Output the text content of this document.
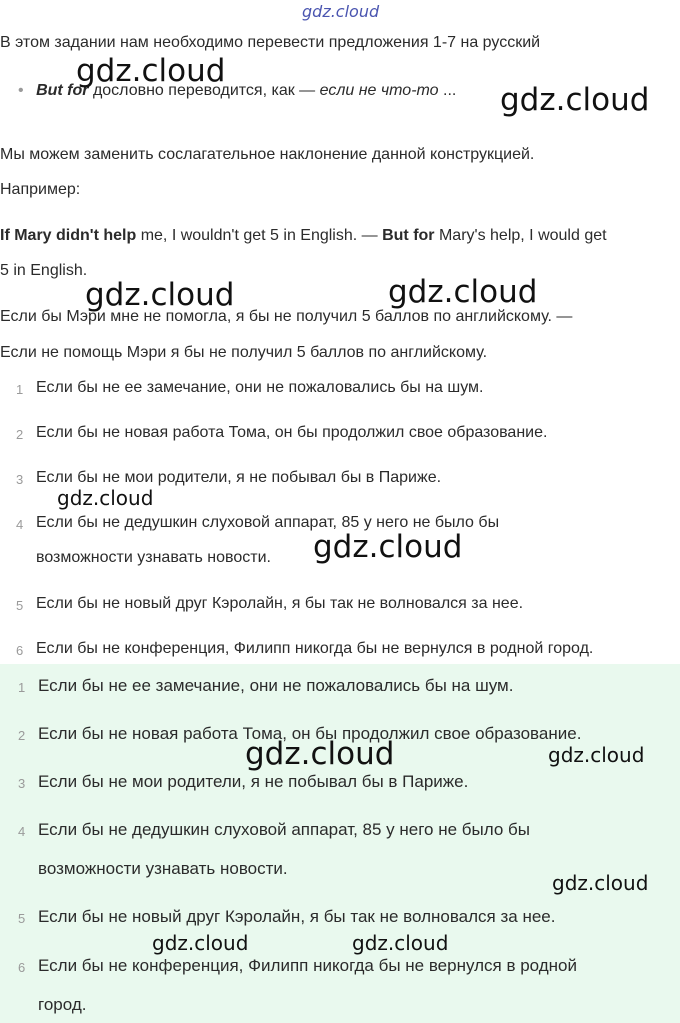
gdz.cloud
В этом задании нам необходимо перевести предложения 1-7 на русский
• But for дословно переводится, как — если не что-то ...
Мы можем заменить сослагательное наклонение данной конструкцией.
Например:
If Mary didn't help me, I wouldn't get 5 in English. — But for Mary's help, I would get
5 in English.
Если бы Мэри мне не помогла, я бы не получил 5 баллов по английскому. —
Если не помощь Мэри я бы не получил 5 баллов по английскому.
1 Если бы не ее замечание, они не пожаловались бы на шум.
2 Если бы не новая работа Тома, он бы продолжил свое образование.
3 Если бы не мои родители, я не побывал бы в Париже.
4 Если бы не дедушкин слуховой аппарат, 85 у него не было бы
возможности узнавать новости.
5 Если бы не новый друг Кэролайн, я бы так не волновался за нее.
6 Если бы не конференция, Филипп никогда бы не вернулся в родной город.
1 Если бы не ее замечание, они не пожаловались бы на шум.
2 Если бы не новая работа Тома, он бы продолжил свое образование.
3 Если бы не мои родители, я не побывал бы в Париже.
4 Если бы не дедушкин слуховой аппарат, 85 у него не было бы
возможности узнавать новости.
5 Если бы не новый друг Кэролайн, я бы так не волновался за нее.
6 Если бы не конференция, Филипп никогда бы не вернулся в родной
город.
gdz.cloud
gdz.cloud
gdz.cloud	gdz.cloud
gdz.cloud
gdz.cloud
gdz.cloud	gdz.cloud
gdz.cloud
gdz.cloud	gdz.cloud
